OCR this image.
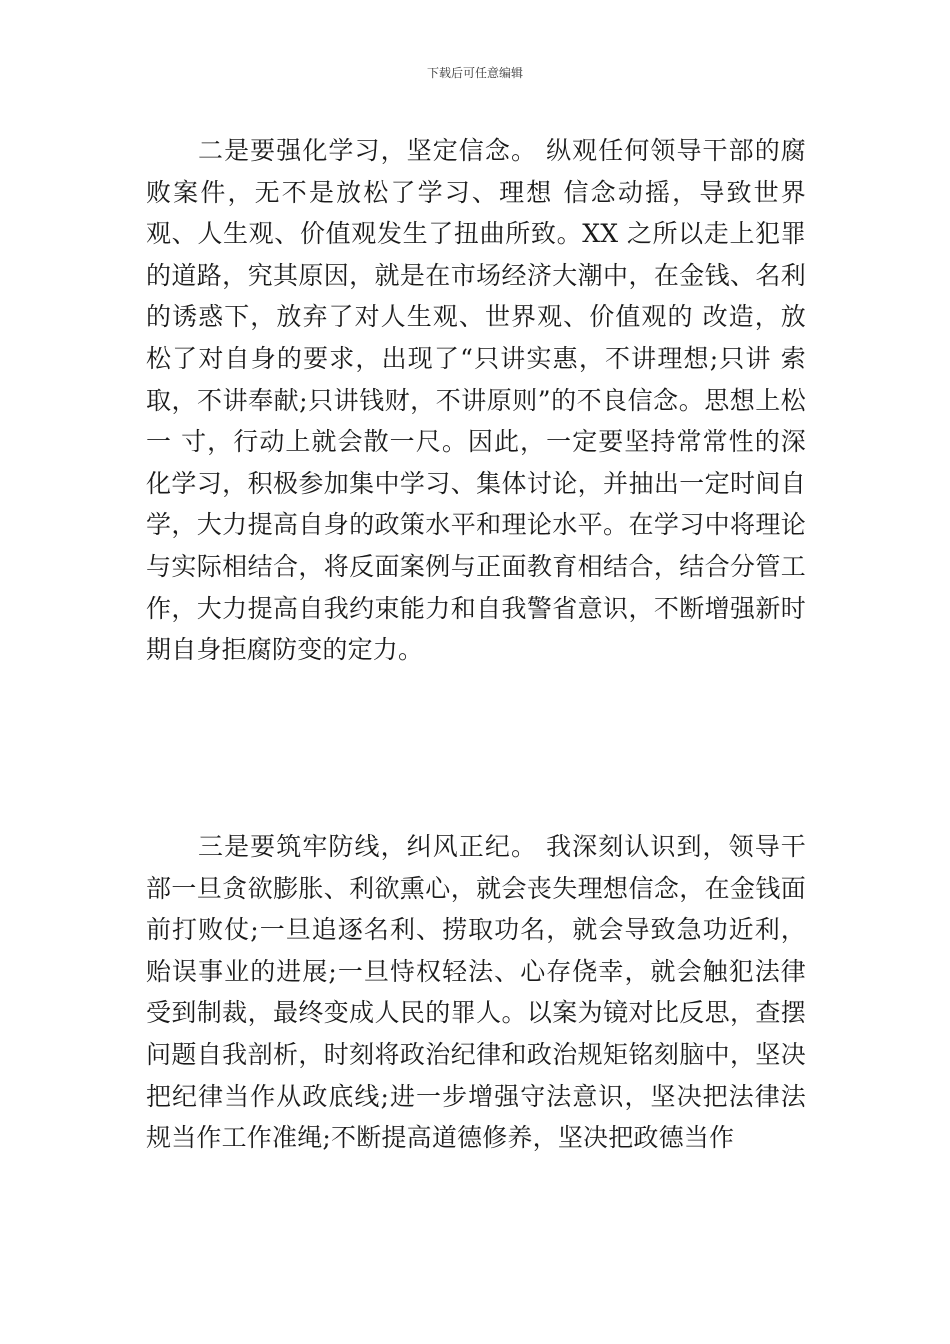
下载后可任意编辑

二是要强化学习，坚定信念。 纵观任何领导干部的腐败案件，无不是放松了学习、理想 信念动摇，导致世界观、人生观、价值观发生了扭曲所致。XX 之所以走上犯罪的道路，究其原因，就是在市场经济大潮中，在金钱、名利的诱惑下，放弃了对人生观、世界观、价值观的 改造，放松了对自身的要求，出现了“只讲实惠，不讲理想;只讲 索取，不讲奉献;只讲钱财，不讲原则”的不良信念。思想上松一 寸，行动上就会散一尺。因此，一定要坚持常常性的深化学习，积极参加集中学习、集体讨论，并抽出一定时间自学，大力提高自身的政策水平和理论水平。在学习中将理论与实际相结合，将反面案例与正面教育相结合，结合分管工作，大力提高自我约束能力和自我警省意识，不断增强新时期自身拒腐防变的定力。

三是要筑牢防线，纠风正纪。 我深刻认识到，领导干部一旦贪欲膨胀、利欲熏心，就会丧失理想信念，在金钱面前打败仗;一旦追逐名利、捞取功名，就会导致急功近利，贻误事业的进展;一旦恃权轻法、心存侥幸，就会触犯法律受到制裁，最终变成人民的罪人。以案为镜对比反思，查摆问题自我剖析，时刻将政治纪律和政治规矩铭刻脑中，坚决把纪律当作从政底线;进一步增强守法意识，坚决把法律法规当作工作准绳;不断提高道德修养，坚决把政德当作
